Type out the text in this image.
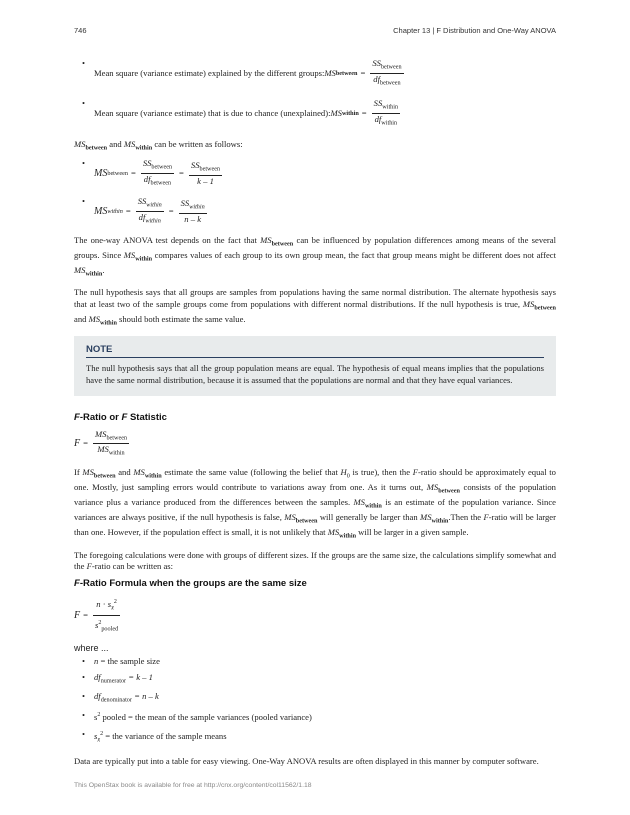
746	Chapter 13 | F Distribution and One-Way ANOVA
• Mean square (variance estimate) explained by the different groups: MS between = $\frac{SS_{between}}{df_{between}}$
• Mean square (variance estimate) that is due to chance (unexplained): MS within = $\frac{SS_{within}}{df_{within}}$

$MS_{between}$ and $MS_{within}$ can be written as follows:

• MS between = $\frac{SS_{between}}{df_{between}} = \frac{SS_{between}}{k - 1}$
• MS within = $\frac{SS_{within}}{df_{within}} = \frac{SS_{within}}{n - k}$

The one-way ANOVA test depends on the fact that $MS_{between}$ can be influenced by population differences among means of the several groups. Since $MS_{within}$ compares values of each group to its own group mean, the fact that group means might be different does not affect $MS_{within}$.

The null hypothesis says that all groups are samples from populations having the same normal distribution. The alternate hypothesis says that at least two of the sample groups come from populations with different normal distributions. If the null hypothesis is true, $MS_{between}$ and $MS_{within}$ should both estimate the same value.

NOTE

The null hypothesis says that all the group population means are equal. The hypothesis of equal means implies that the populations have the same normal distribution, because it is assumed that the populations are normal and that they have equal variances.

F-Ratio or F Statistic
$F = \frac{MS_{between}}{MS_{within}}$

If $MS_{between}$ and $MS_{within}$ estimate the same value (following the belief that $H_0$ is true), then the F-ratio should be approximately equal to one. Mostly, just sampling errors would contribute to variations away from one. As it turns out, $MS_{between}$ consists of the population variance plus a variance produced from the differences between the samples. $MS_{within}$ is an estimate of the population variance. Since variances are always positive, if the null hypothesis is false, $MS_{between}$ will generally be larger than $MS_{within}.Then$ the F-ratio will be larger than one. However, if the population effect is small, it is not unlikely that $MS_{within}$ will be larger in a given sample.

The foregoing calculations were done with groups of different sizes. If the groups are the same size, the calculations simplify somewhat and the F-ratio can be written as:

F-Ratio Formula when the groups are the same size
$F = \frac{n \cdot s_{x̄}^2}{s^2_{pooled}}$
where ...
• n = the sample size
• $df_{numerator} = k - 1$
• $df_{denominator} = n - k$
• $s^2$ pooled = the mean of the sample variances (pooled variance)
• $s_{x̄}^2$ = the variance of the sample means

Data are typically put into a table for easy viewing. One-Way ANOVA results are often displayed in this manner by computer software.

This OpenStax book is available for free at http://cnx.org/content/col11562/1.18
